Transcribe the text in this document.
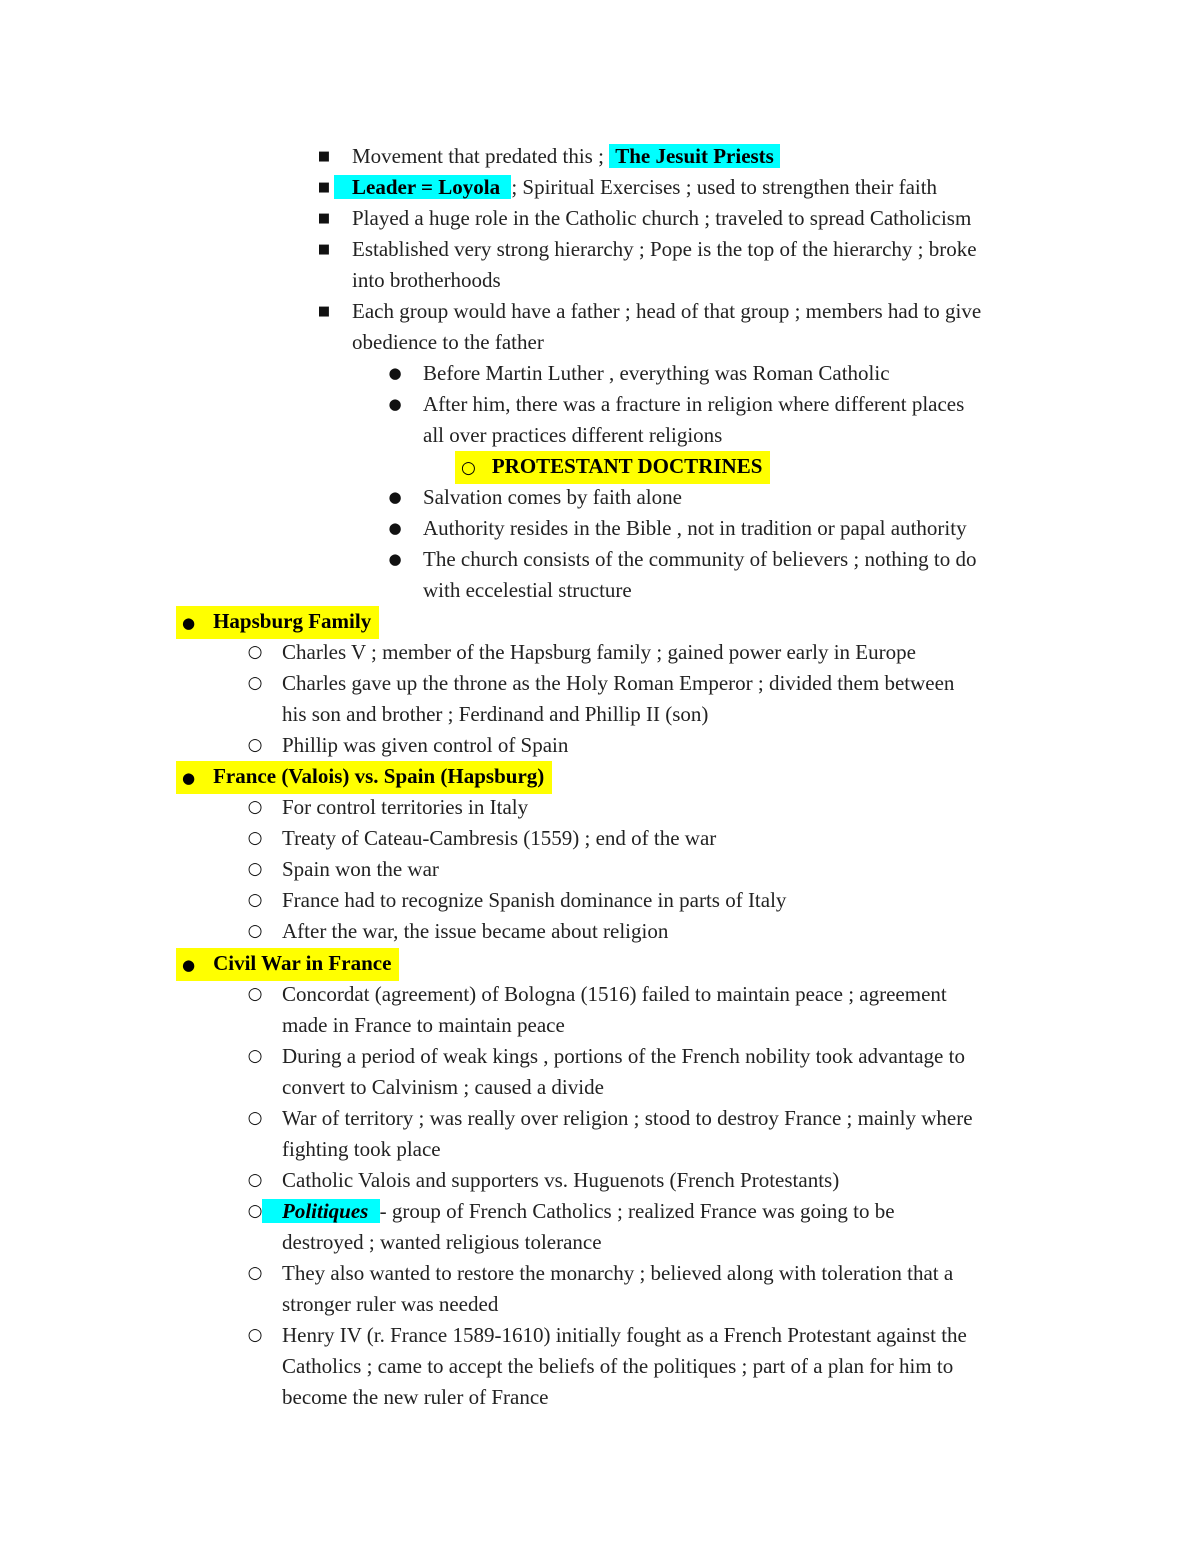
■ Movement that predated this ; The Jesuit Priests
■	Leader = Loyola ; Spiritual Exercises ; used to strengthen their faith
■ Played a huge role in the Catholic church ; traveled to spread Catholicism
■ Established very strong hierarchy ; Pope is the top of the hierarchy ; broke
into brotherhoods
■ Each group would have a father ; head of that group ; members had to give
obedience to the father
● Before Martin Luther , everything was Roman Catholic
● After him, there was a fracture in religion where different places
all over practices different religions
○ PROTESTANT DOCTRINES
● Salvation comes by faith alone
● Authority resides in the Bible , not in tradition or papal authority
● The church consists of the community of believers ; nothing to do
with eccelestial structure
● Hapsburg Family
○ Charles V ; member of the Hapsburg family ; gained power early in Europe
○ Charles gave up the throne as the Holy Roman Emperor ; divided them between
his son and brother ; Ferdinand and Phillip II (son)
○ Phillip was given control of Spain
● France (Valois) vs. Spain (Hapsburg)
○ For control territories in Italy
○ Treaty of Cateau-Cambresis (1559) ; end of the war
○ Spain won the war
○ France had to recognize Spanish dominance in parts of Italy
○ After the war, the issue became about religion
● Civil War in France
○ Concordat (agreement) of Bologna (1516) failed to maintain peace ; agreement
made in France to maintain peace
○ During a period of weak kings , portions of the French nobility took advantage to
convert to Calvinism ; caused a divide
○ War of territory ; was really over religion ; stood to destroy France ; mainly where
fighting took place
○ Catholic Valois and supporters vs. Huguenots (French Protestants)
○ Politiques - group of French Catholics ; realized France was going to be
destroyed ; wanted religious tolerance
○ They also wanted to restore the monarchy ; believed along with toleration that a
stronger ruler was needed
○ Henry IV (r. France 1589-1610) initially fought as a French Protestant against the
Catholics ; came to accept the beliefs of the politiques ; part of a plan for him to
become the new ruler of France
